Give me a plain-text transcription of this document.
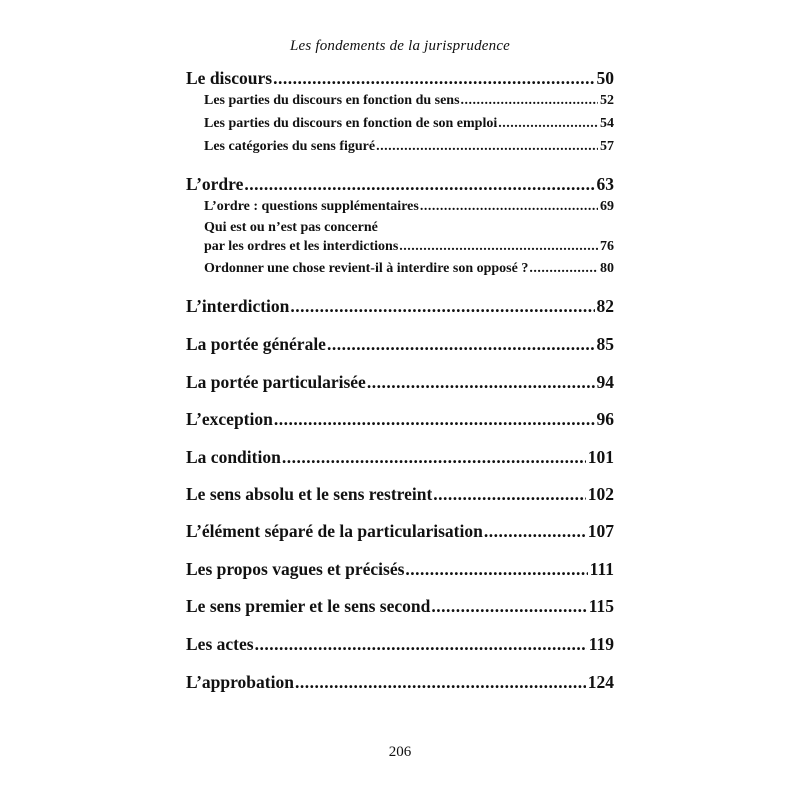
Les fondements de la jurisprudence
Le discours .....	50
Les parties du discours en fonction du sens .....	52
Les parties du discours en fonction de son emploi .....	54
Les catégories du sens figuré .....	57
L’ordre .....	63
L’ordre : questions supplémentaires .....	69
Qui est ou n’est pas concerné
par les ordres et les interdictions .....	76
Ordonner une chose revient-il à interdire son opposé ? .....	80
L’interdiction .....	82
La portée générale .....	85
La portée particularisée .....	94
L’exception .....	96
La condition .....	101
Le sens absolu et le sens restreint .....	102
L’élément séparé de la particularisation .....	107
Les propos vagues et précisés .....	111
Le sens premier et le sens second .....	115
Les actes .....	119
L’approbation .....	124
206
